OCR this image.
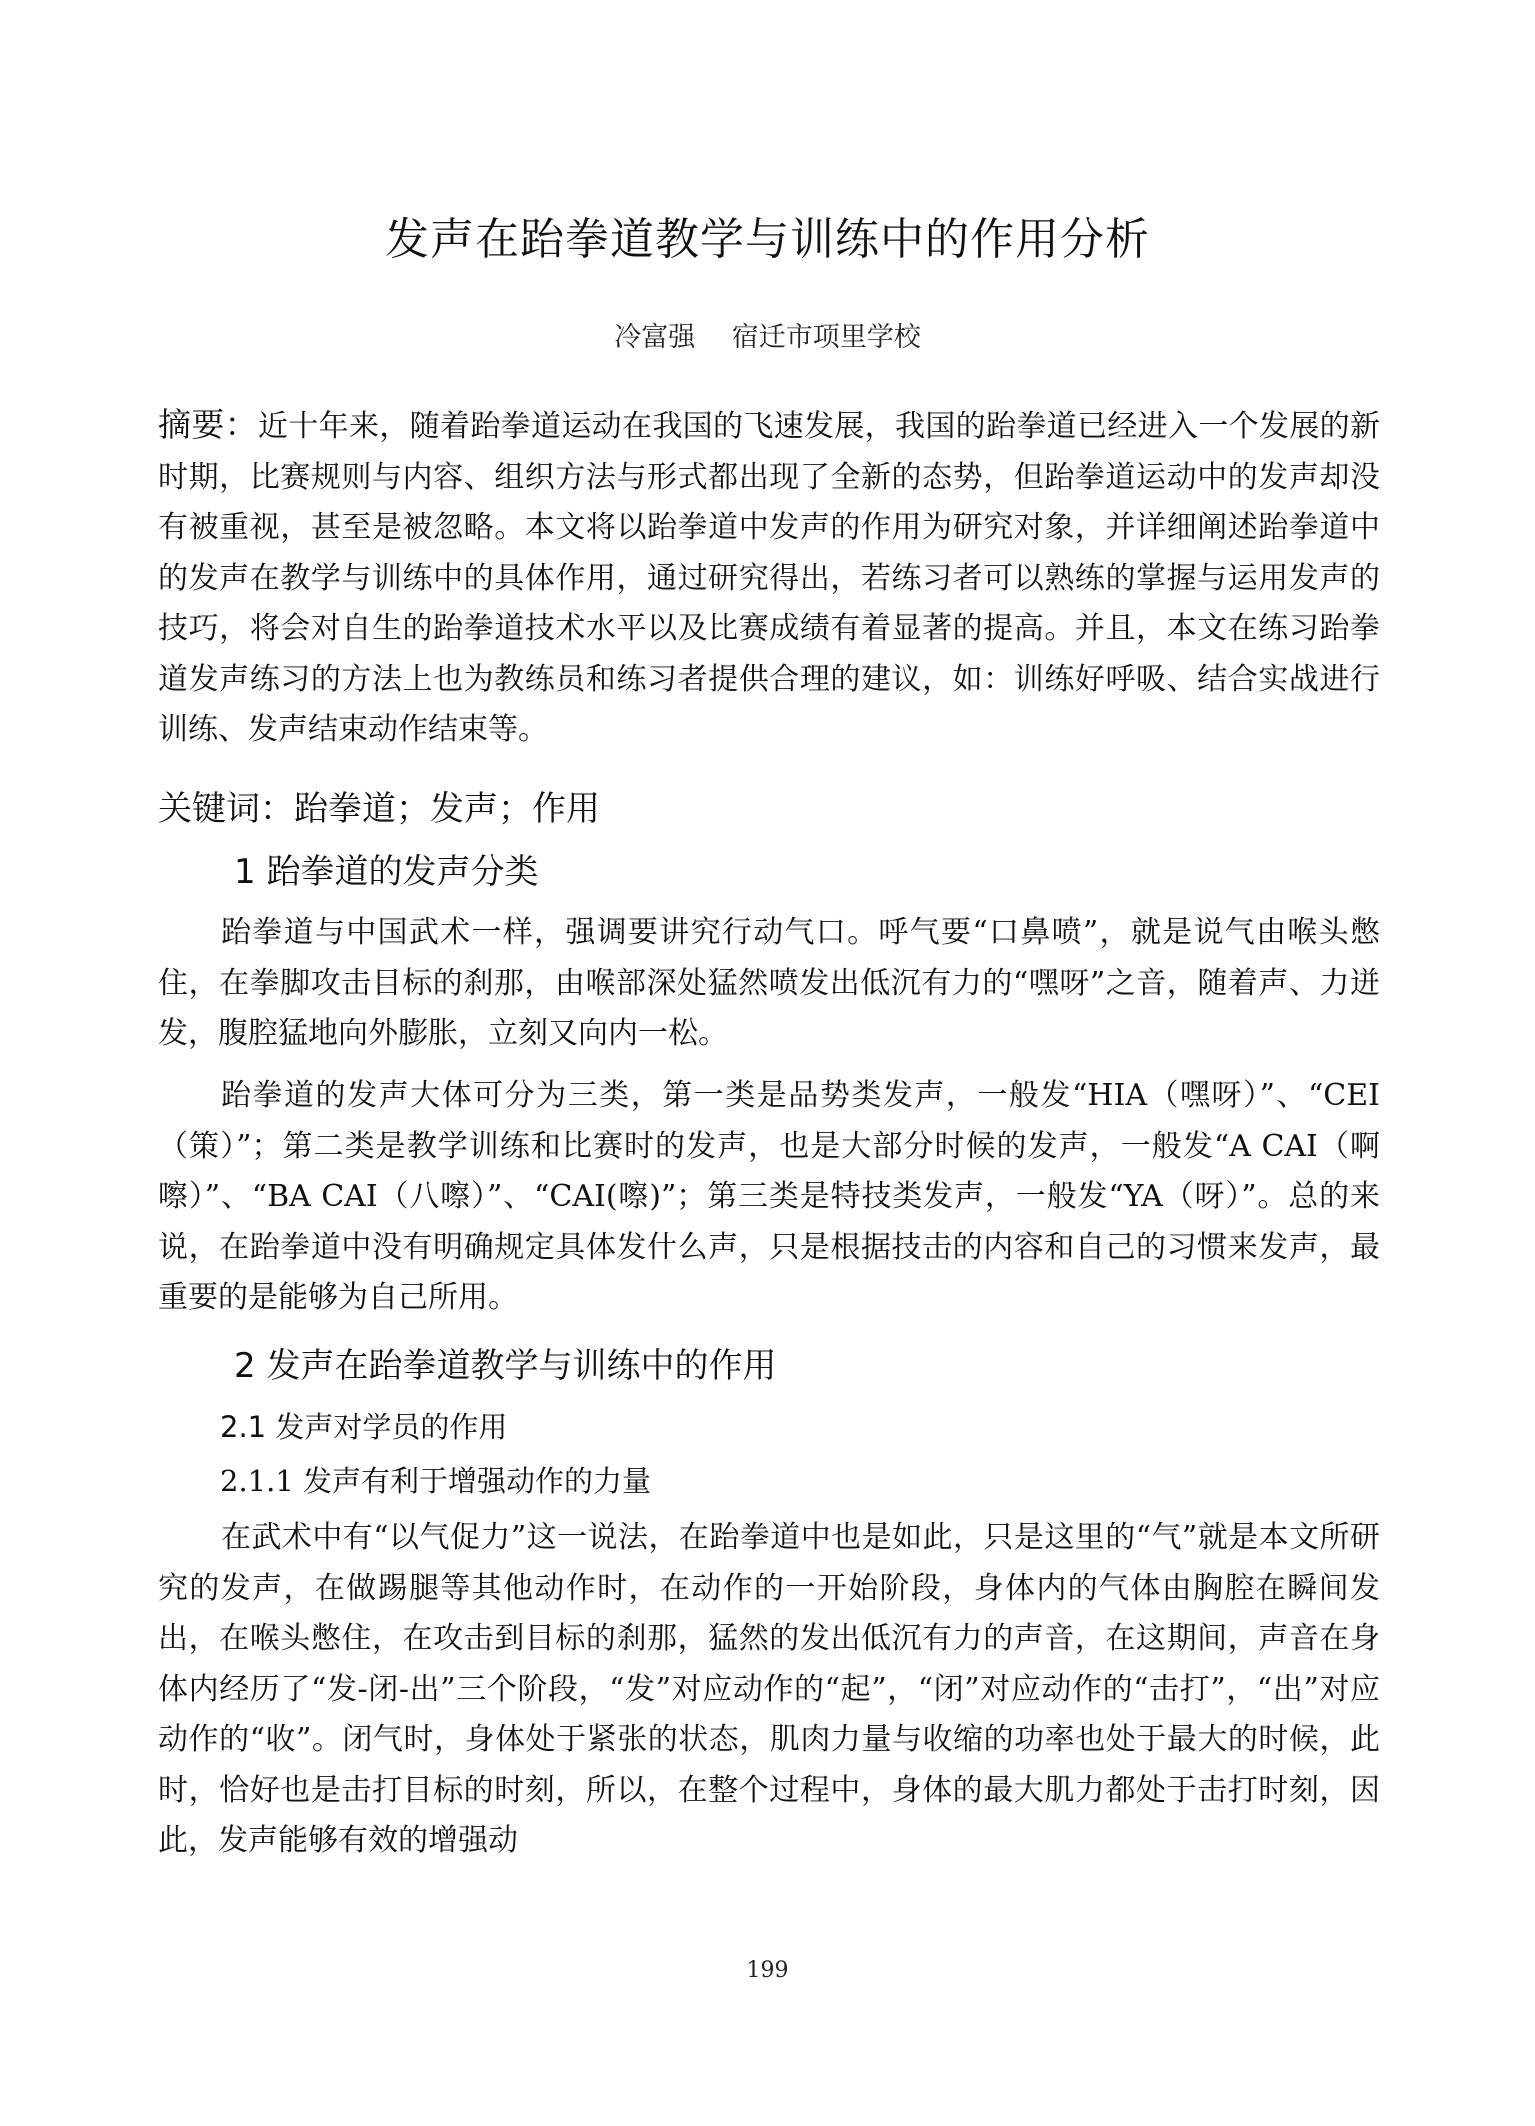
发声在跆拳道教学与训练中的作用分析
冷富强 宿迁市项里学校
摘要：近十年来，随着跆拳道运动在我国的飞速发展，我国的跆拳道已经进入一个发展的新时期，比赛规则与内容、组织方法与形式都出现了全新的态势，但跆拳道运动中的发声却没有被重视，甚至是被忽略。本文将以跆拳道中发声的作用为研究对象，并详细阐述跆拳道中的发声在教学与训练中的具体作用，通过研究得出，若练习者可以熟练的掌握与运用发声的技巧，将会对自生的跆拳道技术水平以及比赛成绩有着显著的提高。并且，本文在练习跆拳道发声练习的方法上也为教练员和练习者提供合理的建议，如：训练好呼吸、结合实战进行训练、发声结束动作结束等。
关键词：跆拳道；发声；作用
1 跆拳道的发声分类

跆拳道与中国武术一样，强调要讲究行动气口。呼气要“口鼻喷”，就是说气由喉头憋住，在拳脚攻击目标的刹那，由喉部深处猛然喷发出低沉有力的“嘿呀”之音，随着声、力迸发，腹腔猛地向外膨胀，立刻又向内一松。

跆拳道的发声大体可分为三类，第一类是品势类发声，一般发“HIA（嘿呀）”、“CEI（策）”；第二类是教学训练和比赛时的发声，也是大部分时候的发声，一般发“A CAI（啊嚓）”、“BA CAI（八嚓）”、“CAI(嚓)”；第三类是特技类发声，一般发“YA（呀）”。总的来说，在跆拳道中没有明确规定具体发什么声，只是根据技击的内容和自己的习惯来发声，最重要的是能够为自己所用。

2 发声在跆拳道教学与训练中的作用
2.1 发声对学员的作用
2.1.1 发声有利于增强动作的力量

在武术中有“以气促力”这一说法，在跆拳道中也是如此，只是这里的“气”就是本文所研究的发声，在做踢腿等其他动作时，在动作的一开始阶段，身体内的气体由胸腔在瞬间发出，在喉头憋住，在攻击到目标的刹那，猛然的发出低沉有力的声音，在这期间，声音在身体内经历了“发-闭-出”三个阶段，“发”对应动作的“起”，“闭”对应动作的“击打”，“出”对应动作的“收”。闭气时，身体处于紧张的状态，肌肉力量与收缩的功率也处于最大的时候，此时，恰好也是击打目标的时刻，所以，在整个过程中，身体的最大肌力都处于击打时刻，因此，发声能够有效的增强动

199
